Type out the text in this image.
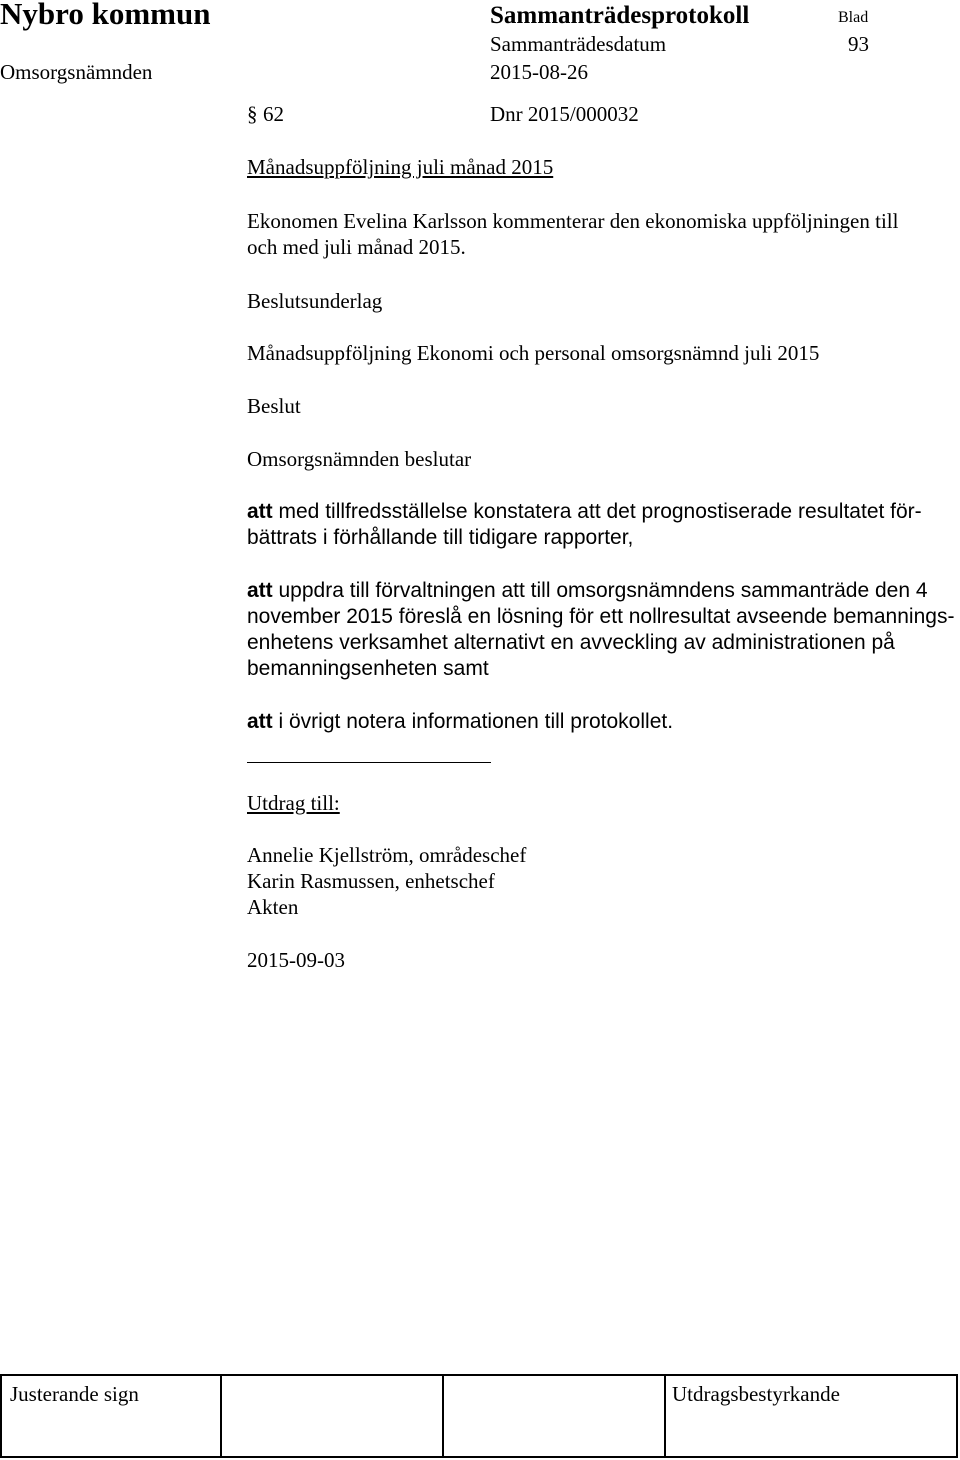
Nybro kommun	Sammanträdesprotokoll	Blad
Sammanträdesdatum	93
Omsorgsnämnden	2015-08-26
§ 62	Dnr 2015/000032
Månadsuppföljning juli månad 2015
Ekonomen Evelina Karlsson kommenterar den ekonomiska uppföljningen till
och med juli månad 2015.
Beslutsunderlag
Månadsuppföljning Ekonomi och personal omsorgsnämnd juli 2015
Beslut
Omsorgsnämnden beslutar
att med tillfredsställelse konstatera att det prognostiserade resultatet för-
bättrats i förhållande till tidigare rapporter,
att uppdra till förvaltningen att till omsorgsnämndens sammanträde den 4
november 2015 föreslå en lösning för ett nollresultat avseende bemannings-
enhetens verksamhet alternativt en avveckling av administrationen på
bemanningsenheten samt
att i övrigt notera informationen till protokollet.
Utdrag till:
Annelie Kjellström, områdeschef
Karin Rasmussen, enhetschef
Akten
2015-09-03
Justerande sign	Utdragsbestyrkande
